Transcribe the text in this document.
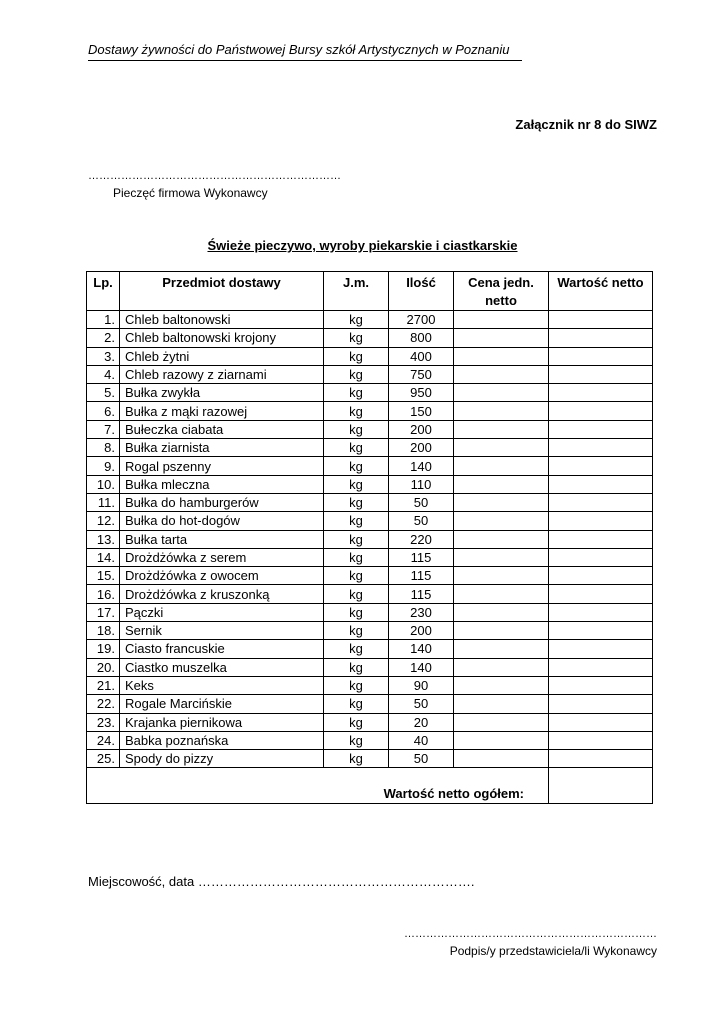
Dostawy żywności do Państwowej Bursy szkół Artystycznych w Poznaniu
Załącznik nr 8 do SIWZ
……………………………………………………………
Pieczęć firmowa Wykonawcy
Świeże pieczywo, wyroby piekarskie i ciastkarskie
Lp.	Przedmiot dostawy	J.m.	Ilość	Cena jedn. netto	Wartość netto
1.	Chleb baltonowski	kg	2700		
2.	Chleb baltonowski krojony	kg	800		
3.	Chleb żytni	kg	400		
4.	Chleb razowy z ziarnami	kg	750		
5.	Bułka zwykła	kg	950		
6.	Bułka z mąki razowej	kg	150		
7.	Bułeczka ciabata	kg	200		
8.	Bułka ziarnista	kg	200		
9.	Rogal pszenny	kg	140		
10.	Bułka mleczna	kg	110		
11.	Bułka do hamburgerów	kg	50		
12.	Bułka do hot-dogów	kg	50		
13.	Bułka tarta	kg	220		
14.	Drożdżówka z serem	kg	115		
15.	Drożdżówka z owocem	kg	115		
16.	Drożdżówka z kruszonką	kg	115		
17.	Pączki	kg	230		
18.	Sernik	kg	200		
19.	Ciasto francuskie	kg	140		
20.	Ciastko muszelka	kg	140		
21.	Keks	kg	90		
22.	Rogale Marcińskie	kg	50		
23.	Krajanka piernikowa	kg	20		
24.	Babka poznańska	kg	40		
25.	Spody do pizzy	kg	50		
Wartość netto ogółem:					
Miejscowość, data ……………………………………………………….
……………………………………………………………
Podpis/y przedstawiciela/li Wykonawcy
